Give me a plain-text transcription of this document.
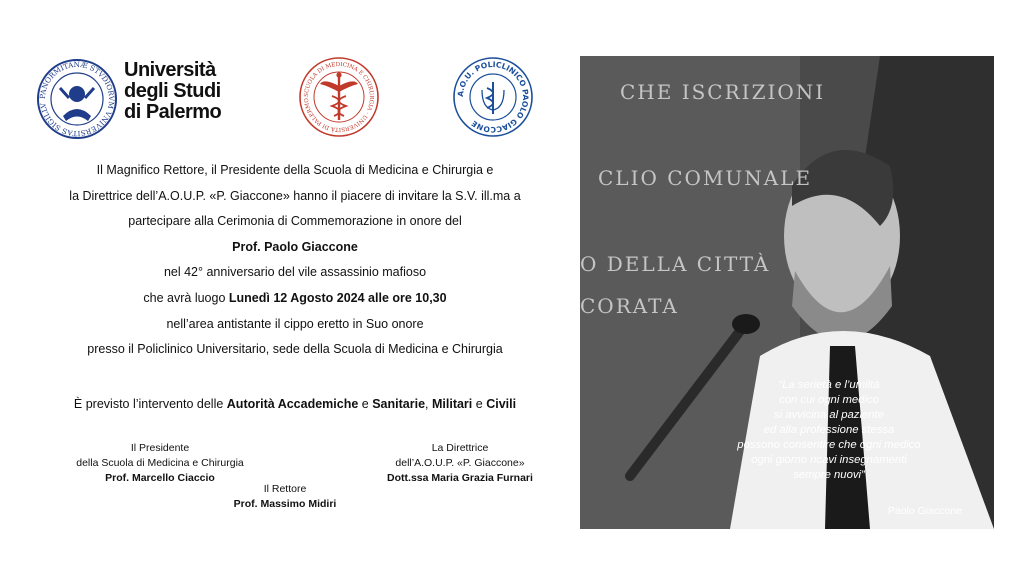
PANORMITANÆ STVDIORVM VNIVERSITAS SIGILLV
Università
degli Studi
di Palermo
SCUOLA DI MEDICINA E CHIRURGIA · UNIVERSITÀ DI PALERMO
A.O.U. POLICLINICO PAOLO GIACCONE
Il Magnifico Rettore, il Presidente della Scuola di Medicina e Chirurgia e
la Direttrice dell’A.O.U.P. «P. Giaccone» hanno il piacere di invitare la S.V. ill.ma a
partecipare alla Cerimonia di Commemorazione in onore del
Prof. Paolo Giaccone
nel 42° anniversario del vile assassinio mafioso
che avrà luogo Lunedì 12 Agosto 2024 alle ore 10,30
nell’area antistante il cippo eretto in Suo onore
presso il Policlinico Universitario, sede della Scuola di Medicina e Chirurgia
È previsto l’intervento delle Autorità Accademiche e Sanitarie, Militari e Civili
Il Presidente
della Scuola di Medicina e Chirurgia
Prof. Marcello Ciaccio
La Direttrice
dell’A.O.U.P. «P. Giaccone»
Dott.ssa Maria Grazia Furnari
Il Rettore
Prof. Massimo Midiri
CHE ISCRIZIONI
CLIO COMUNALE
O DELLA CITTÀ
CORATA
“La serietà e l’umiltà
con cui ogni medico
si avvicina al paziente
ed alla professione stessa
possono consentire che ogni medico
ogni giorno ricavi insegnamenti
sempre nuovi”
Paolo Giaccone
